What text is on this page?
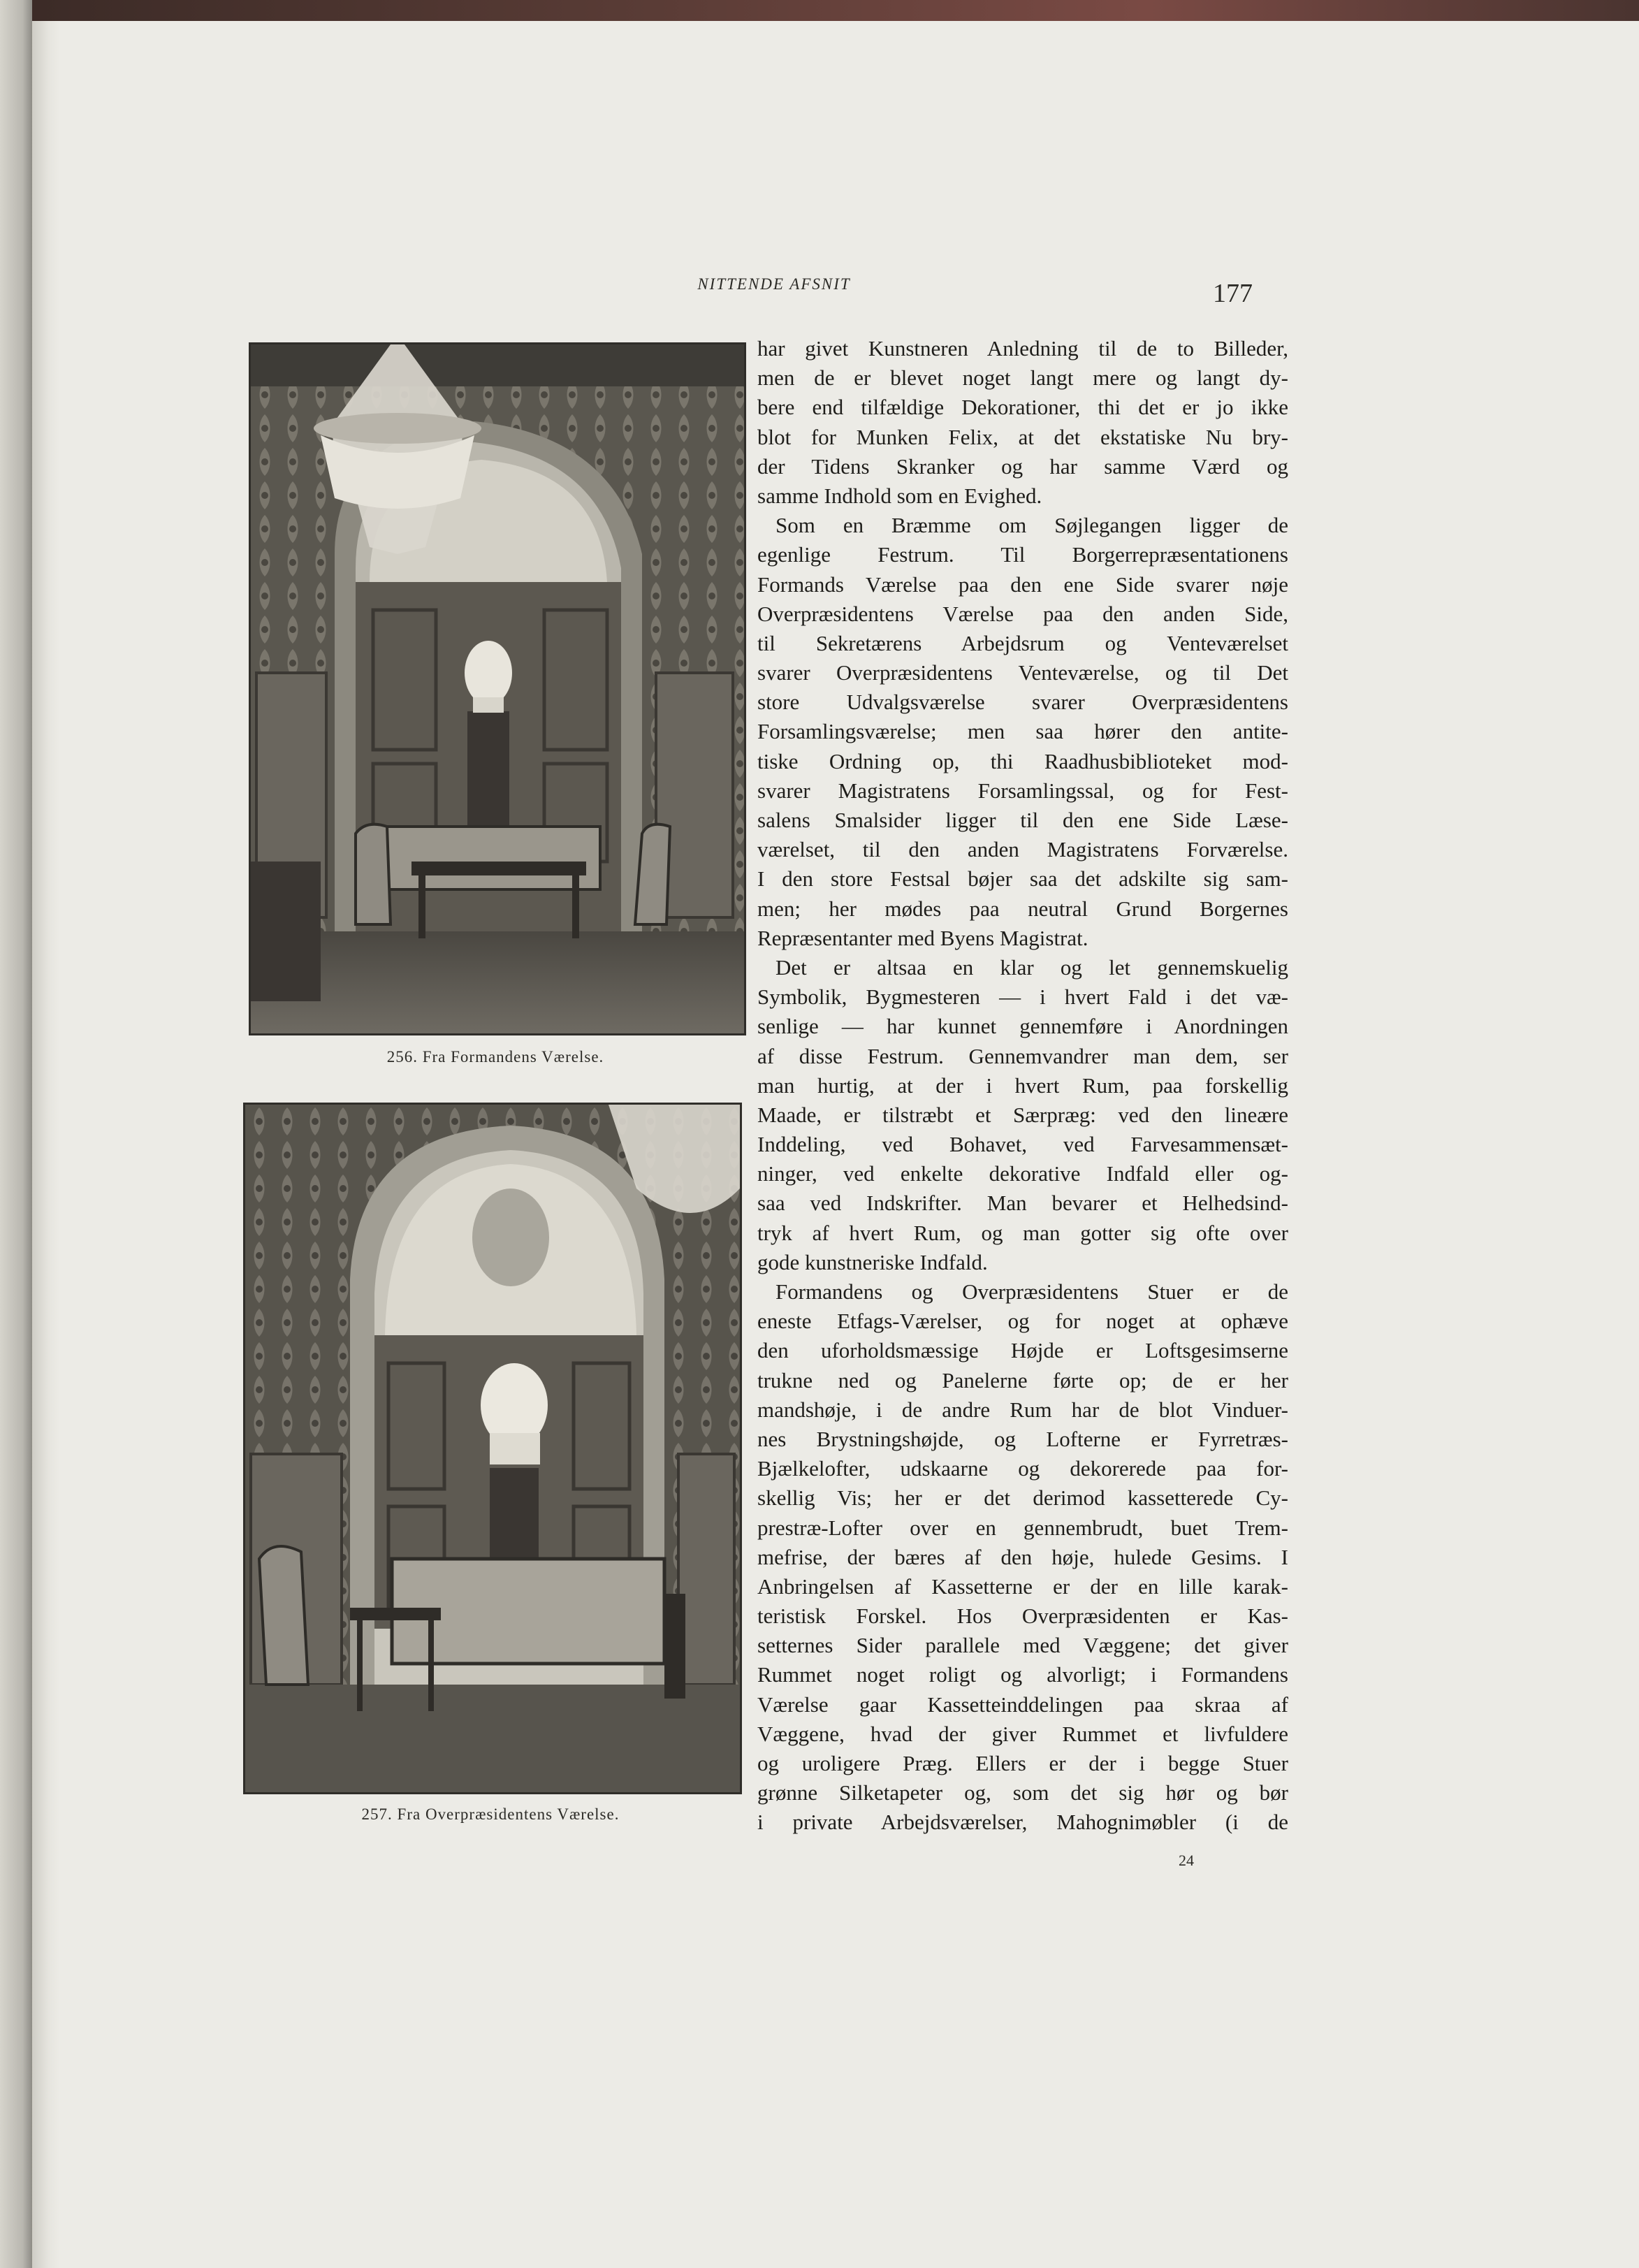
NITTENDE AFSNIT	177
256. Fra Formandens Værelse.
257. Fra Overpræsidentens Værelse.
har givet Kunstneren Anledning til de to Billeder,
men de er blevet noget langt mere og langt dy-
bere end tilfældige Dekorationer, thi det er jo ikke
blot for Munken Felix, at det ekstatiske Nu bry-
der Tidens Skranker og har samme Værd og
samme Indhold som en Evighed.
Som en Bræmme om Søjlegangen ligger de
egenlige Festrum. Til Borgerrepræsentationens
Formands Værelse paa den ene Side svarer nøje
Overpræsidentens Værelse paa den anden Side,
til Sekretærens Arbejdsrum og Venteværelset
svarer Overpræsidentens Venteværelse, og til Det
store Udvalgsværelse svarer Overpræsidentens
Forsamlingsværelse; men saa hører den antite-
tiske Ordning op, thi Raadhusbiblioteket mod-
svarer Magistratens Forsamlingssal, og for Fest-
salens Smalsider ligger til den ene Side Læse-
værelset, til den anden Magistratens Forværelse.
I den store Festsal bøjer saa det adskilte sig sam-
men; her mødes paa neutral Grund Borgernes
Repræsentanter med Byens Magistrat.
Det er altsaa en klar og let gennemskuelig
Symbolik, Bygmesteren — i hvert Fald i det væ-
senlige — har kunnet gennemføre i Anordningen
af disse Festrum. Gennemvandrer man dem, ser
man hurtig, at der i hvert Rum, paa forskellig
Maade, er tilstræbt et Særpræg: ved den lineære
Inddeling, ved Bohavet, ved Farvesammensæt-
ninger, ved enkelte dekorative Indfald eller og-
saa ved Indskrifter. Man bevarer et Helhedsind-
tryk af hvert Rum, og man gotter sig ofte over
gode kunstneriske Indfald.
Formandens og Overpræsidentens Stuer er de
eneste Etfags-Værelser, og for noget at ophæve
den uforholdsmæssige Højde er Loftsgesimserne
trukne ned og Panelerne førte op; de er her
mandshøje, i de andre Rum har de blot Vinduer-
nes Brystningshøjde, og Lofterne er Fyrretræs-
Bjælkelofter, udskaarne og dekorerede paa for-
skellig Vis; her er det derimod kassetterede Cy-
prestræ-Lofter over en gennembrudt, buet Trem-
mefrise, der bæres af den høje, hulede Gesims. I
Anbringelsen af Kassetterne er der en lille karak-
teristisk Forskel. Hos Overpræsidenten er Kas-
setternes Sider parallele med Væggene; det giver
Rummet noget roligt og alvorligt; i Formandens
Værelse gaar Kassetteinddelingen paa skraa af
Væggene, hvad der giver Rummet et livfuldere
og uroligere Præg. Ellers er der i begge Stuer
grønne Silketapeter og, som det sig hør og bør
i private Arbejdsværelser, Mahognimøbler (i de
24
